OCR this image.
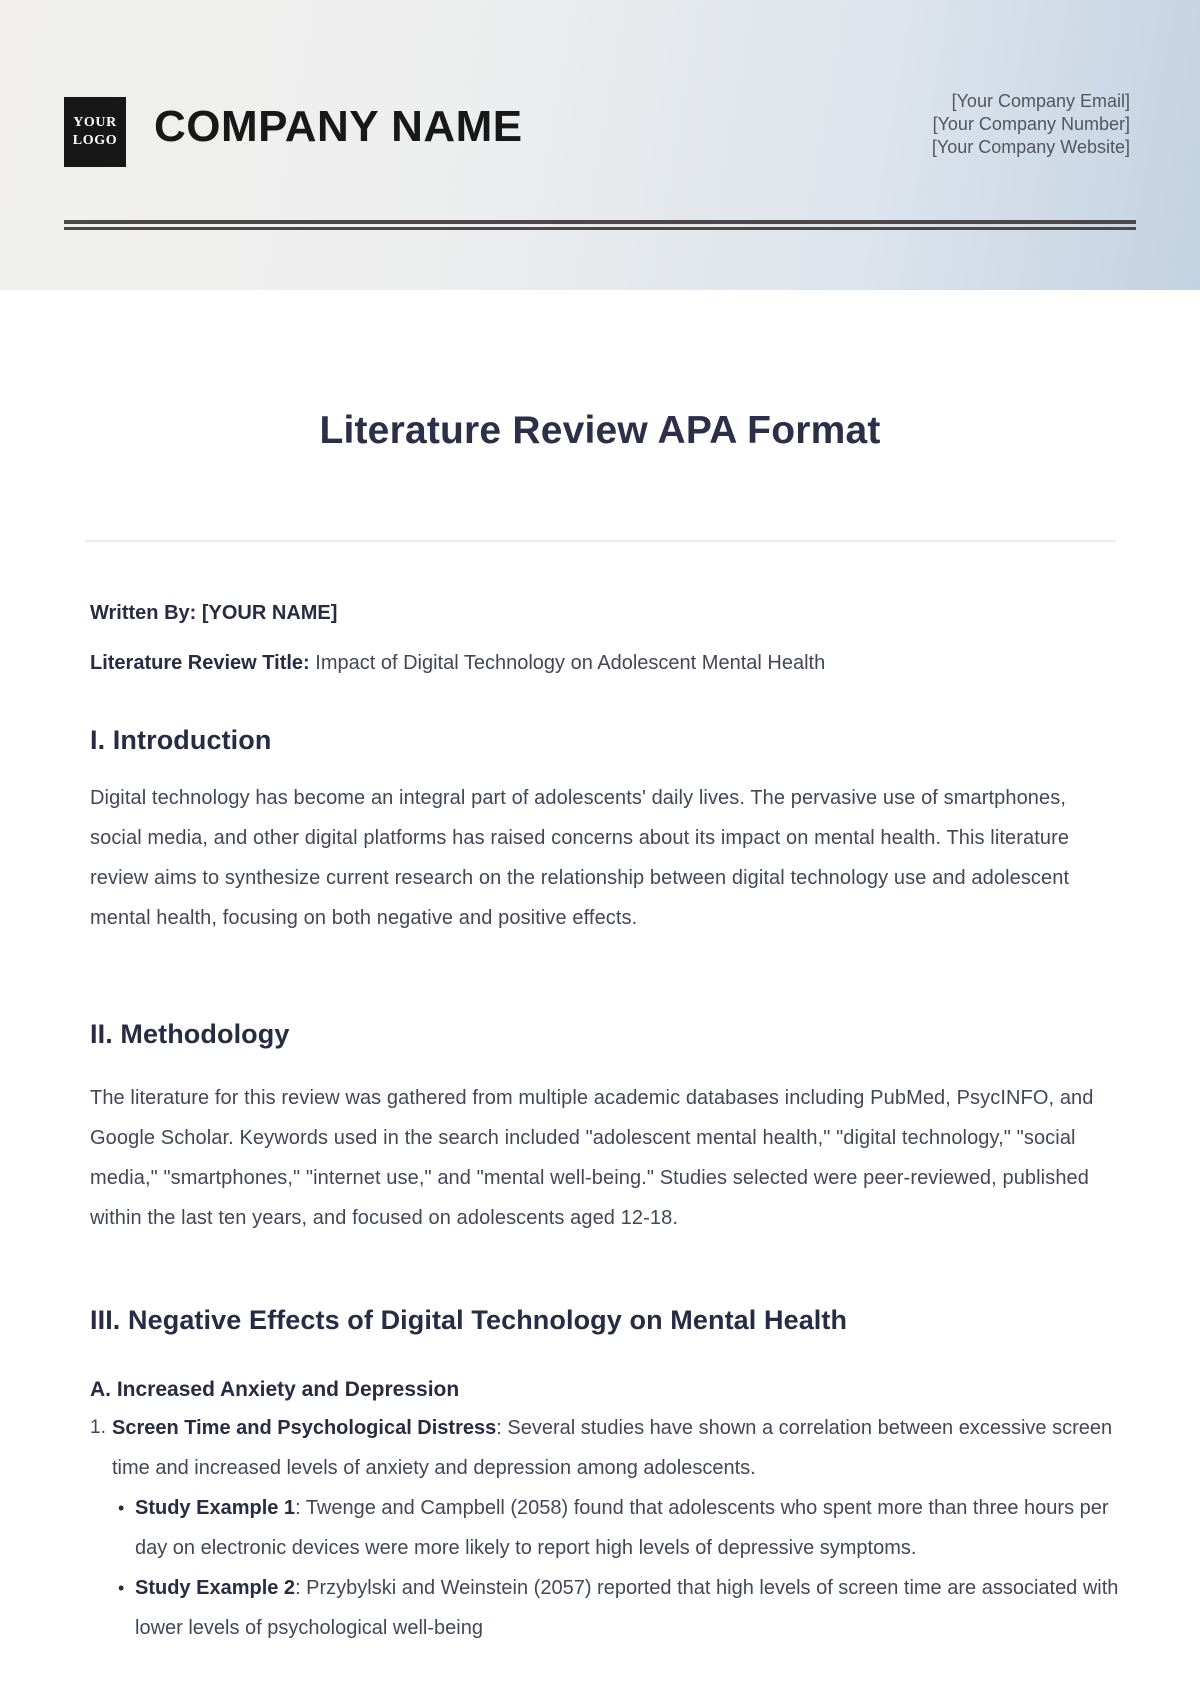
YOUR
LOGO COMPANY NAME
[Your Company Email]
[Your Company Number]
[Your Company Website]
Literature Review APA Format
Written By: [YOUR NAME]
Literature Review Title: Impact of Digital Technology on Adolescent Mental Health
I. Introduction
Digital technology has become an integral part of adolescents' daily lives. The pervasive use of smartphones, social media, and other digital platforms has raised concerns about its impact on mental health. This literature review aims to synthesize current research on the relationship between digital technology use and adolescent mental health, focusing on both negative and positive effects.
II. Methodology
The literature for this review was gathered from multiple academic databases including PubMed, PsycINFO, and Google Scholar. Keywords used in the search included "adolescent mental health," "digital technology," "social media," "smartphones," "internet use," and "mental well-being." Studies selected were peer-reviewed, published within the last ten years, and focused on adolescents aged 12-18.
III. Negative Effects of Digital Technology on Mental Health
A. Increased Anxiety and Depression
1. Screen Time and Psychological Distress: Several studies have shown a correlation between excessive screen time and increased levels of anxiety and depression among adolescents.
• Study Example 1: Twenge and Campbell (2058) found that adolescents who spent more than three hours per day on electronic devices were more likely to report high levels of depressive symptoms.
• Study Example 2: Przybylski and Weinstein (2057) reported that high levels of screen time are associated with lower levels of psychological well-being
